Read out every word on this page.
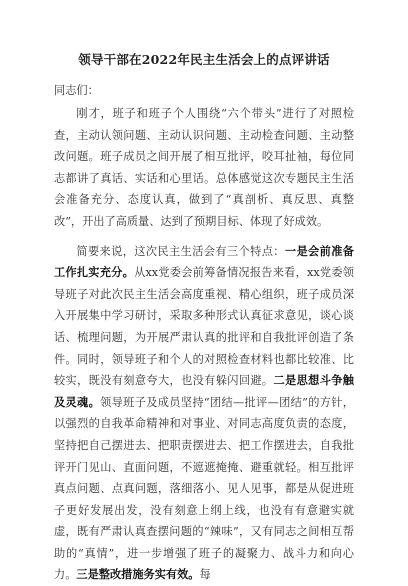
领导干部在2022年民主生活会上的点评讲话

同志们：

刚才，班子和班子个人围绕“六个带头”进行了对照检查，主动认领问题、主动认识问题、主动检查问题、主动整改问题。班子成员之间开展了相互批评，咬耳扯袖，每位同志都讲了真话、实话和心里话。总体感觉这次专题民主生活会准备充分、态度认真，做到了“真剖析、真反思、真整改”，开出了高质量、达到了预期目标、体现了好成效。

简要来说，这次民主生活会有三个特点：一是会前准备工作扎实充分。从xx党委会前筹备情况报告来看，xx党委领导班子对此次民主生活会高度重视、精心组织，班子成员深入开展集中学习研讨，采取多种形式认真征求意见，谈心谈话、梳理问题，为开展严肃认真的批评和自我批评创造了条件。同时，领导班子和个人的对照检查材料也都比较准、比较实，既没有刻意夸大，也没有躲闪回避。二是思想斗争触及灵魂。领导班子及成员坚持“团结—批评—团结”的方针，以强烈的自我革命精神和对事业、对同志高度负责的态度，坚持把自己摆进去、把职责摆进去、把工作摆进去，自我批评开门见山、直面问题，不遮遮掩掩、避重就轻。相互批评真点问题、点真问题，落细落小、见人见事，都是从促进班子更好发展出发，没有刻意上纲上线，也没有有意避实就虚，既有严肃认真查摆问题的“辣味”，又有同志之间相互帮助的“真情”，进一步增强了班子的凝聚力、战斗力和向心力。三是整改措施务实有效。每
